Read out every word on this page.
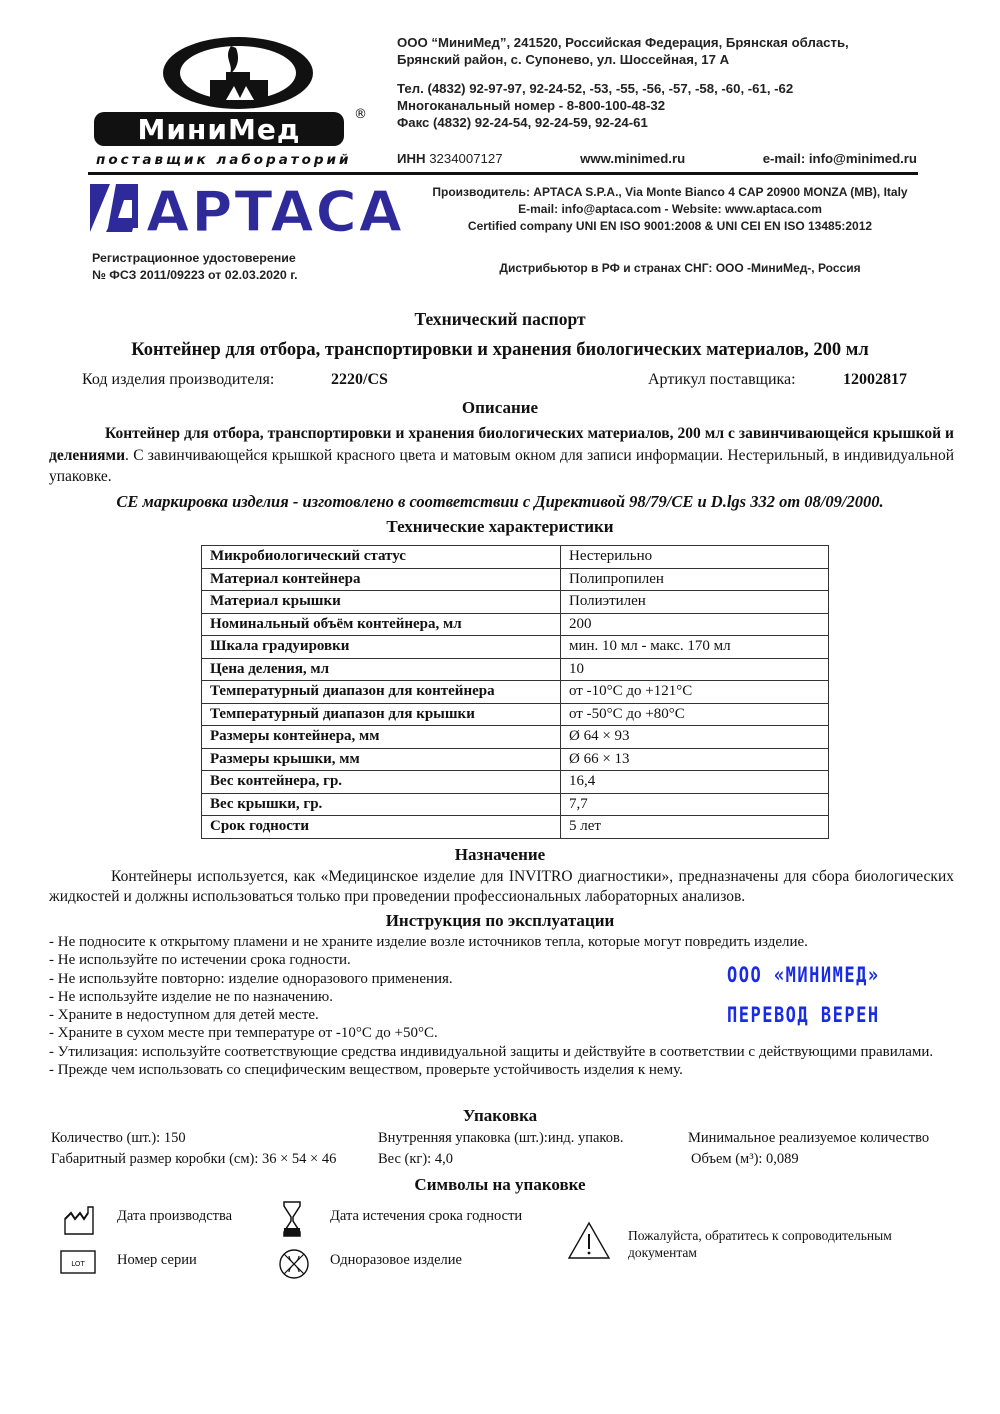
МиниМед	®
поставщик лабораторий
ООО “МиниМед”, 241520, Российская Федерация, Брянская область,
Брянский район, с. Супонево, ул. Шоссейная, 17 А
Тел. (4832) 92-97-97, 92-24-52, -53, -55, -56, -57, -58, -60, -61, -62
Многоканальный номер - 8-800-100-48-32
Факс (4832) 92-24-54, 92-24-59, 92-24-61
ИНН 3234007127	www.minimed.ru	e-mail: info@minimed.ru
APTACA	Производитель: APTACA S.P.A., Via Monte Bianco 4 CAP 20900 MONZA (MB), Italy
E-mail: info@aptaca.com - Website: www.aptaca.com
Certified company UNI EN ISO 9001:2008 & UNI CEI EN ISO 13485:2012
Регистрационное удостоверение
№ ФСЗ 2011/09223 от 02.03.2020 г.	Дистрибьютор в РФ и странах СНГ: ООО -МиниМед-, Россия
Технический паспорт
Контейнер для отбора, транспортировки и хранения биологических материалов, 200 мл
Код изделия производителя:	2220/CS	Артикул поставщика:	12002817
Описание
Контейнер для отбора, транспортировки и хранения биологических материалов, 200 мл с завинчивающейся крышкой и делениями. С завинчивающейся крышкой красного цвета и матовым окном для записи информации. Нестерильный, в индивидуальной упаковке.
CE маркировка изделия - изготовлено в соответствии с Директивой 98/79/CE и D.lgs 332 от 08/09/2000.
Технические характеристики
Микробиологический статус	Нестерильно
Материал контейнера	Полипропилен
Материал крышки	Полиэтилен
Номинальный объём контейнера, мл	200
Шкала градуировки	мин. 10 мл - макс. 170 мл
Цена деления, мл	10
Температурный диапазон для контейнера	от -10°C до +121°C
Температурный диапазон для крышки	от -50°C до +80°C
Размеры контейнера, мм	Ø 64 × 93
Размеры крышки, мм	Ø 66 × 13
Вес контейнера, гр.	16,4
Вес крышки, гр.	7,7
Срок годности	5 лет
Назначение
Контейнеры используется, как «Медицинское изделие для INVITRO диагностики», предназначены для сбора биологических жидкостей и должны использоваться только при проведении профессиональных лабораторных анализов.
Инструкция по эксплуатации
- Не подносите к открытому пламени и не храните изделие возле источников тепла, которые могут повредить изделие.
- Не используйте по истечении срока годности.
- Не используйте повторно: изделие одноразового применения.
- Не используйте изделие не по назначению.
- Храните в недоступном для детей месте.
- Храните в сухом месте при температуре от -10°C до +50°C.
- Утилизация: используйте соответствующие средства индивидуальной защиты и действуйте в соответствии с действующими правилами.
- Прежде чем использовать со специфическим веществом, проверьте устойчивость изделия к нему.
ООО «МИНИМЕД»
ПЕРЕВОД ВЕРЕН
Упаковка
Количество (шт.): 150	Внутренняя упаковка (шт.):инд. упаков.	Минимальное реализуемое количество
Габаритный размер коробки (см): 36 × 54 × 46	Вес (кг): 4,0	Объем (м³): 0,089
Символы на упаковке
Дата производства	Дата истечения срока годности
LOT Номер серии	Одноразовое изделие
Пожалуйста, обратитесь к сопроводительным документам
